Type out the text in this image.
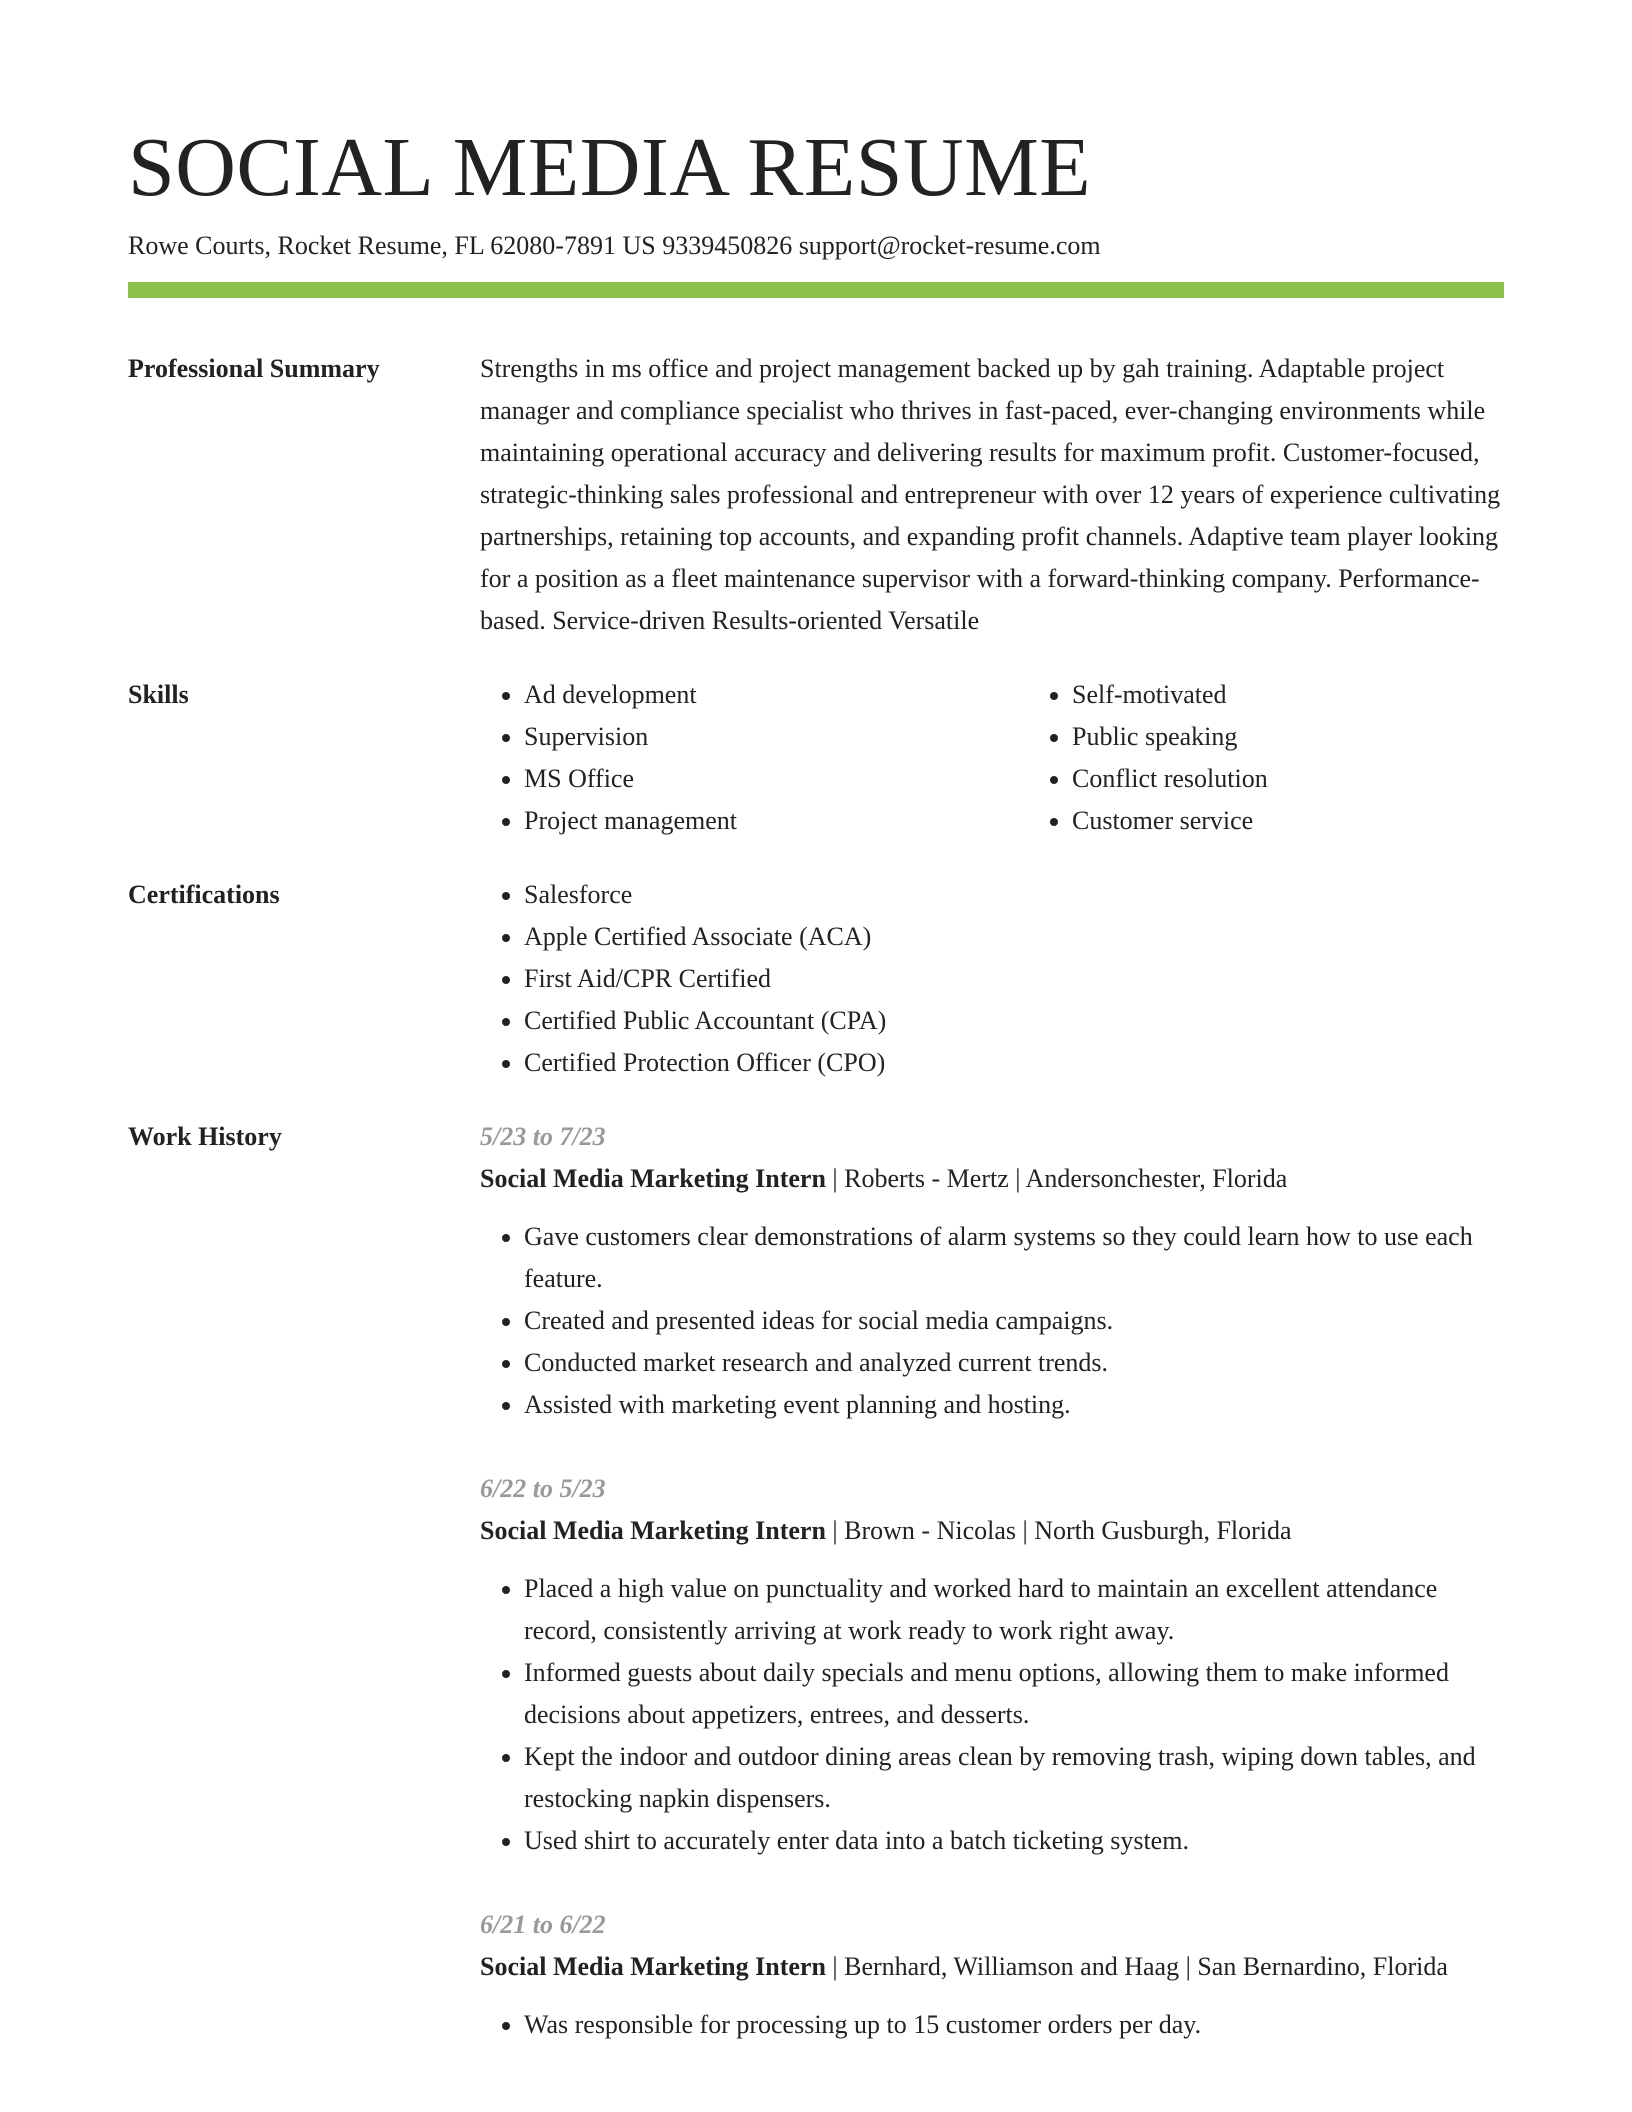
SOCIAL MEDIA RESUME
Rowe Courts, Rocket Resume, FL 62080-7891 US 9339450826 support@rocket-resume.com
Professional Summary	Strengths in ms office and project management backed up by gah training. Adaptable project manager and compliance specialist who thrives in fast-paced, ever-changing environments while maintaining operational accuracy and delivering results for maximum profit. Customer-focused, strategic-thinking sales professional and entrepreneur with over 12 years of experience cultivating partnerships, retaining top accounts, and expanding profit channels. Adaptive team player looking for a position as a fleet maintenance supervisor with a forward-thinking company. Performance-based. Service-driven Results-oriented Versatile
Skills	• Ad development
• Supervision
• MS Office
• Project management
• Self-motivated
• Public speaking
• Conflict resolution
• Customer service
Certifications	• Salesforce
• Apple Certified Associate (ACA)
• First Aid/CPR Certified
• Certified Public Accountant (CPA)
• Certified Protection Officer (CPO)
Work History	5/23 to 7/23
Social Media Marketing Intern | Roberts - Mertz | Andersonchester, Florida
• Gave customers clear demonstrations of alarm systems so they could learn how to use each feature.
• Created and presented ideas for social media campaigns.
• Conducted market research and analyzed current trends.
• Assisted with marketing event planning and hosting.
6/22 to 5/23
Social Media Marketing Intern | Brown - Nicolas | North Gusburgh, Florida
• Placed a high value on punctuality and worked hard to maintain an excellent attendance record, consistently arriving at work ready to work right away.
• Informed guests about daily specials and menu options, allowing them to make informed decisions about appetizers, entrees, and desserts.
• Kept the indoor and outdoor dining areas clean by removing trash, wiping down tables, and restocking napkin dispensers.
• Used shirt to accurately enter data into a batch ticketing system.
6/21 to 6/22
Social Media Marketing Intern | Bernhard, Williamson and Haag | San Bernardino, Florida
• Was responsible for processing up to 15 customer orders per day.
